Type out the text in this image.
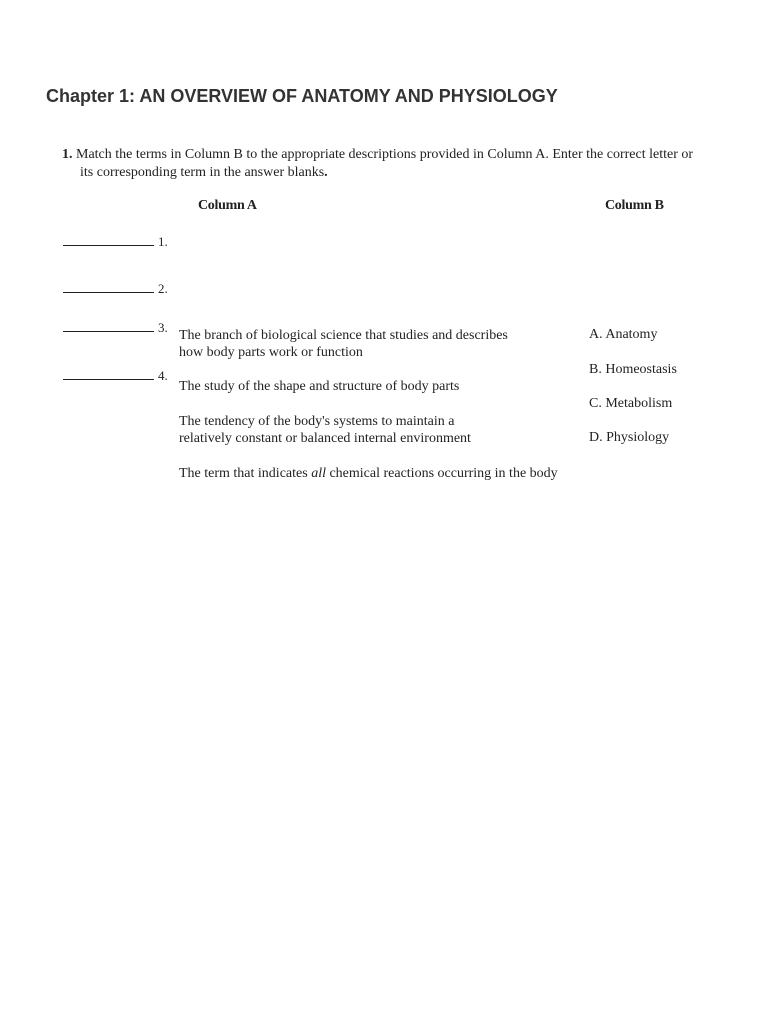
Chapter 1: AN OVERVIEW OF ANATOMY AND PHYSIOLOGY
1. Match the terms in Column B to the appropriate descriptions provided in Column A. Enter the correct letter or
its corresponding term in the answer blanks.
Column A	Column B
1.
2.
3.
4.
The branch of biological science that studies and describes
how body parts work or function
The study of the shape and structure of body parts
The tendency of the body's systems to maintain a
relatively constant or balanced internal environment
The term that indicates all chemical reactions occurring in the body
A. Anatomy
B. Homeostasis
C. Metabolism
D. Physiology
